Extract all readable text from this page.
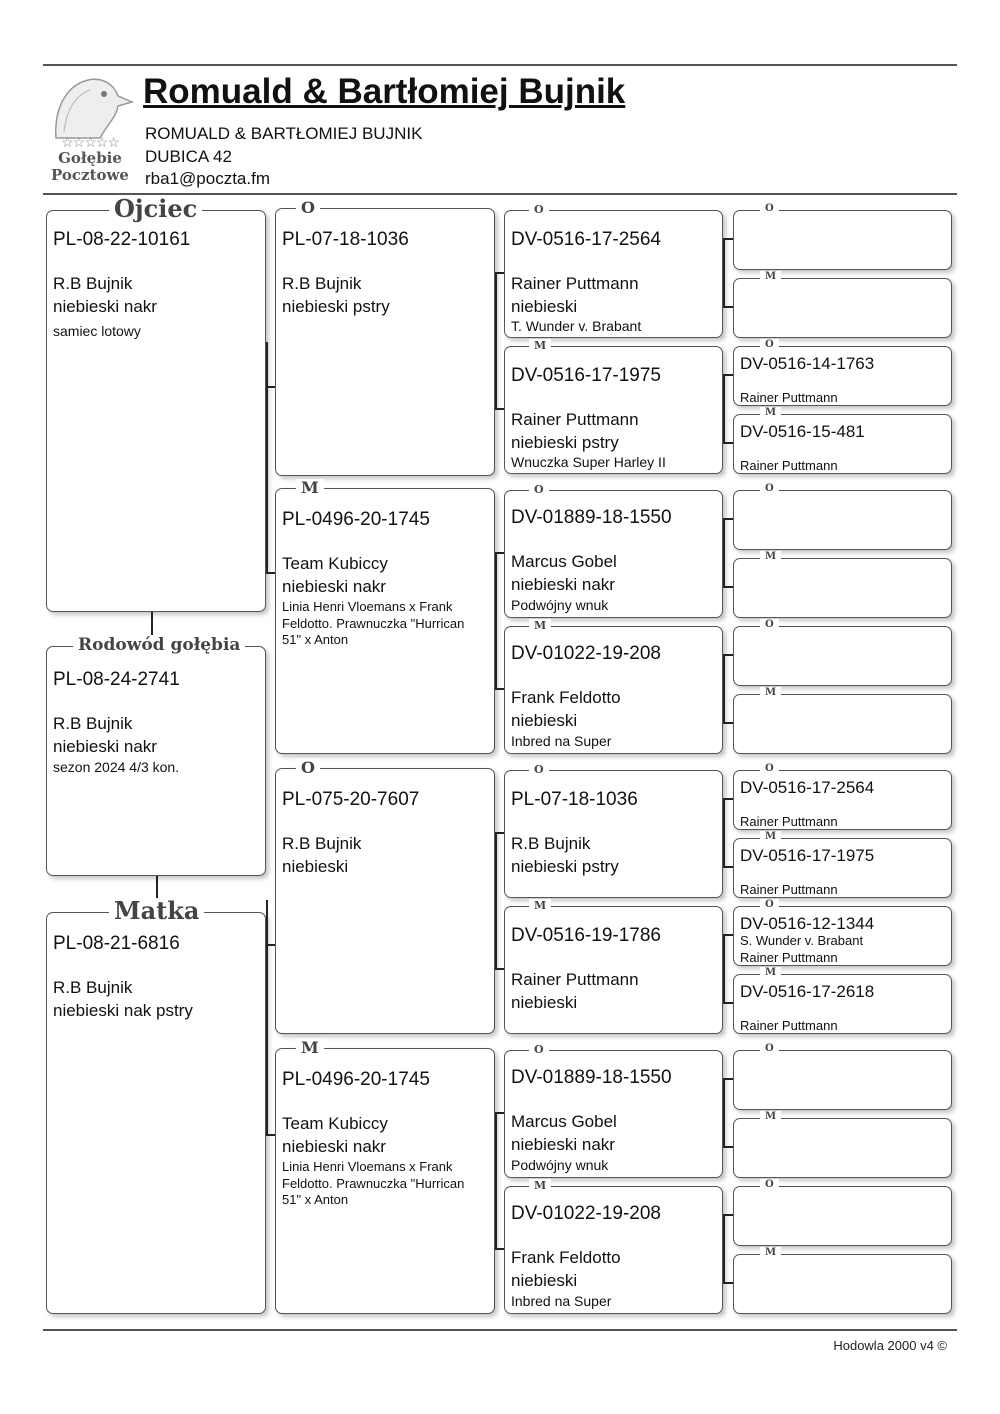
☆☆☆☆☆
Gołębie
Pocztowe
Romuald & Bartłomiej Bujnik
ROMUALD & BARTŁOMIEJ BUJNIK
DUBICA 42
rba1@poczta.fm
Ojciec
PL-08-22-10161
R.B Bujnik
niebieski nakr
samiec lotowy
Rodowód gołębia
PL-08-24-2741
R.B Bujnik
niebieski nakr
sezon 2024 4/3 kon.
Matka
PL-08-21-6816
R.B Bujnik
niebieski nak pstry
O
PL-07-18-1036
R.B Bujnik
niebieski pstry
M
PL-0496-20-1745
Team Kubiccy
niebieski nakr
Linia Henri Vloemans x Frank Feldotto. Prawnuczka "Hurrican 51" x Anton
O
PL-075-20-7607
R.B Bujnik
niebieski
M
PL-0496-20-1745
Team Kubiccy
niebieski nakr
Linia Henri Vloemans x Frank Feldotto. Prawnuczka "Hurrican 51" x Anton
O
DV-0516-17-2564
Rainer Puttmann
niebieski
T. Wunder v. Brabant
M
DV-0516-17-1975
Rainer Puttmann
niebieski pstry
Wnuczka Super Harley II
O
DV-01889-18-1550
Marcus Gobel
niebieski nakr
Podwójny wnuk
M
DV-01022-19-208
Frank Feldotto
niebieski
Inbred na Super
O
PL-07-18-1036
R.B Bujnik
niebieski pstry
M
DV-0516-19-1786
Rainer Puttmann
niebieski
O
DV-01889-18-1550
Marcus Gobel
niebieski nakr
Podwójny wnuk
M
DV-01022-19-208
Frank Feldotto
niebieski
Inbred na Super
O
M
O
DV-0516-14-1763
Rainer Puttmann
M
DV-0516-15-481
Rainer Puttmann
O
M
O
M
O
DV-0516-17-2564
Rainer Puttmann
M
DV-0516-17-1975
Rainer Puttmann
O
DV-0516-12-1344
S. Wunder v. Brabant
Rainer Puttmann
M
DV-0516-17-2618
Rainer Puttmann
O
M
O
M
Hodowla 2000 v4 ©
